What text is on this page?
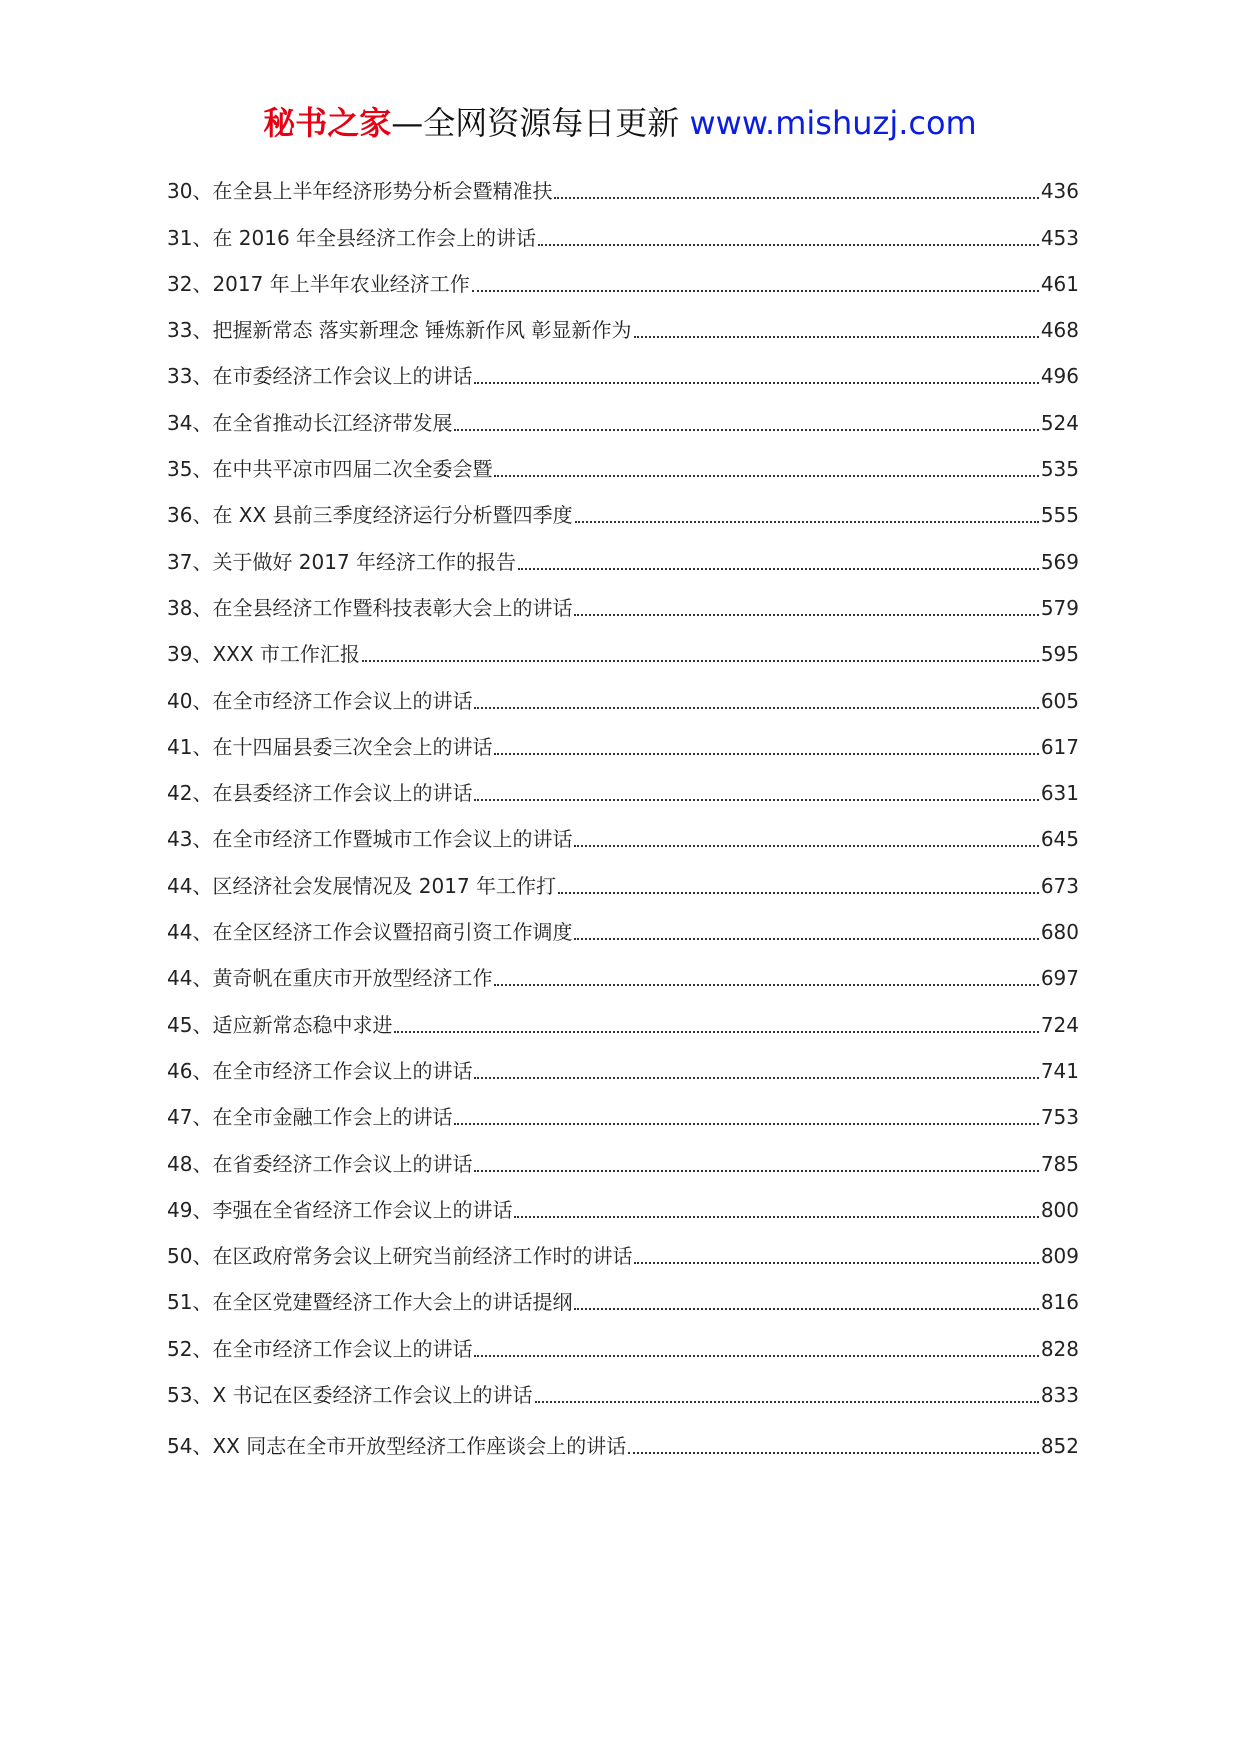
秘书之家—全网资源每日更新 www.mishuzj.com
30、在全县上半年经济形势分析会暨精准扶	436
31、在 2016 年全县经济工作会上的讲话	453
32、2017 年上半年农业经济工作	461
33、把握新常态 落实新理念 锤炼新作风 彰显新作为	468
33、在市委经济工作会议上的讲话	496
34、在全省推动长江经济带发展	524
35、在中共平凉市四届二次全委会暨	535
36、在 XX 县前三季度经济运行分析暨四季度	555
37、关于做好 2017 年经济工作的报告	569
38、在全县经济工作暨科技表彰大会上的讲话	579
39、XXX 市工作汇报	595
40、在全市经济工作会议上的讲话	605
41、在十四届县委三次全会上的讲话	617
42、在县委经济工作会议上的讲话	631
43、在全市经济工作暨城市工作会议上的讲话	645
44、区经济社会发展情况及 2017 年工作打	673
44、在全区经济工作会议暨招商引资工作调度	680
44、黄奇帆在重庆市开放型经济工作	697
45、适应新常态稳中求进	724
46、在全市经济工作会议上的讲话	741
47、在全市金融工作会上的讲话	753
48、在省委经济工作会议上的讲话	785
49、李强在全省经济工作会议上的讲话	800
50、在区政府常务会议上研究当前经济工作时的讲话	809
51、在全区党建暨经济工作大会上的讲话提纲	816
52、在全市经济工作会议上的讲话	828
53、X 书记在区委经济工作会议上的讲话	833
54、XX 同志在全市开放型经济工作座谈会上的讲话	852
